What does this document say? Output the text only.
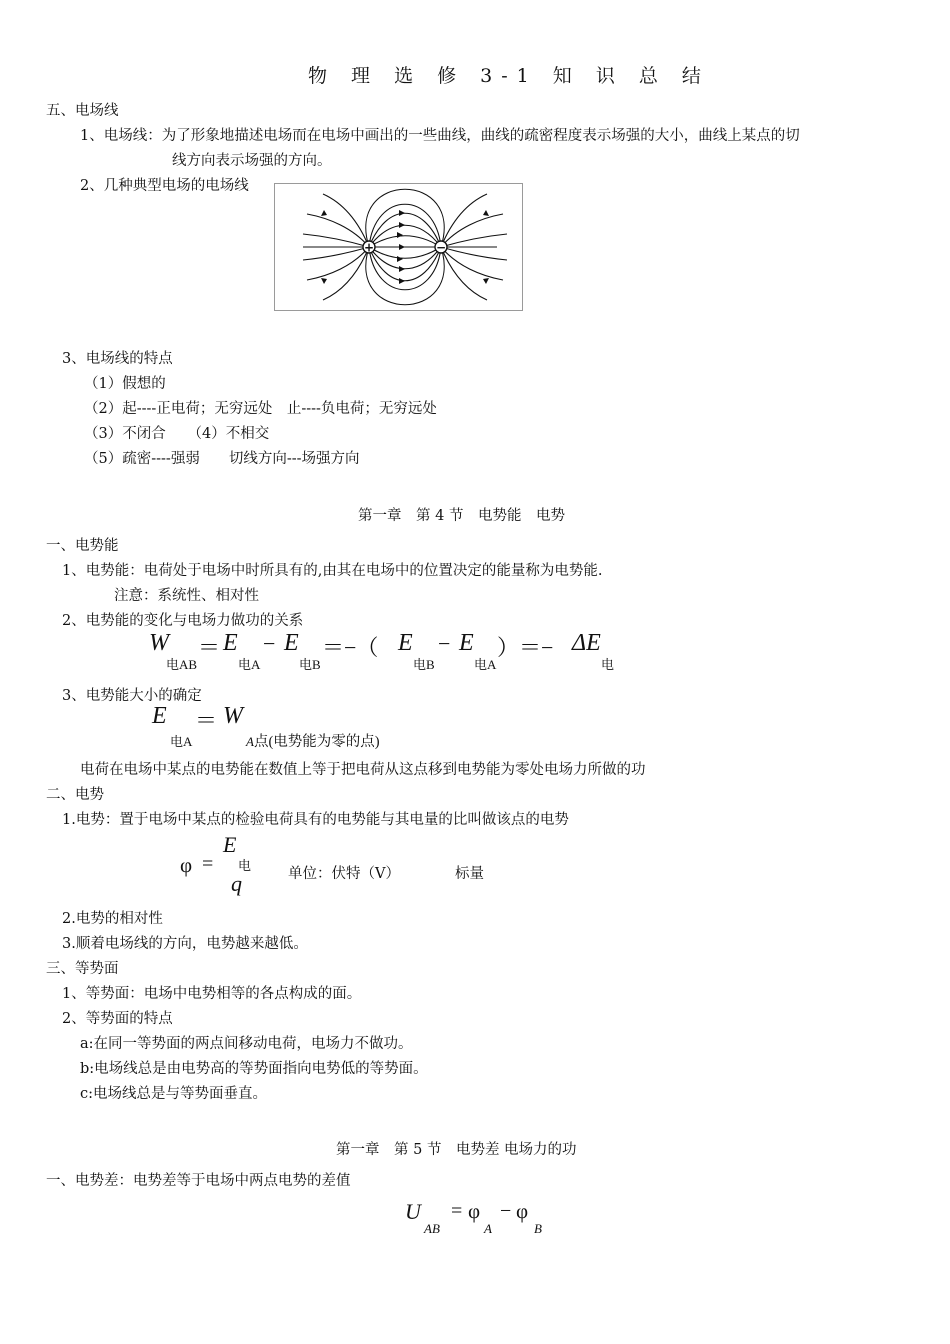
物 理 选 修 3-1 知 识 总 结
五、电场线
1、电场线：为了形象地描述电场而在电场中画出的一些曲线，曲线的疏密程度表示场强的大小，曲线上某点的切
线方向表示场强的方向。
2、几种典型电场的电场线
+	−
3、电场线的特点
（1）假想的
（2）起----正电荷；无穷远处　止----负电荷；无穷远处
（3）不闭合　　（4）不相交
（5）疏密----强弱　　切线方向---场强方向
第一章　第 4 节　电势能　电势
一、电势能
1、电势能：电荷处于电场中时所具有的,由其在电场中的位置决定的能量称为电势能.
注意：系统性、相对性
2、电势能的变化与电场力做功的关系
W
电AB
＝ E
电A
− E
电B
＝−（ E
电B
− E
电A
）＝− ΔE
电
3、电势能大小的确定
E ＝ W
电A	A点(电势能为零的点)
电荷在电场中某点的电势能在数值上等于把电荷从这点移到电势能为零处电场力所做的功
二、电势
1.电势：置于电场中某点的检验电荷具有的电势能与其电量的比叫做该点的电势
φ =
E
电
q	单位：伏特（V）	标量
2.电势的相对性
3.顺着电场线的方向，电势越来越低。
三、等势面
1、等势面：电场中电势相等的各点构成的面。
2、等势面的特点
a:在同一等势面的两点间移动电荷，电场力不做功。
b:电场线总是由电势高的等势面指向电势低的等势面。
c:电场线总是与等势面垂直。
第一章　第 5 节　电势差 电场力的功
一、电势差：电势差等于电场中两点电势的差值
U
AB
= φ
A
− φ
B
